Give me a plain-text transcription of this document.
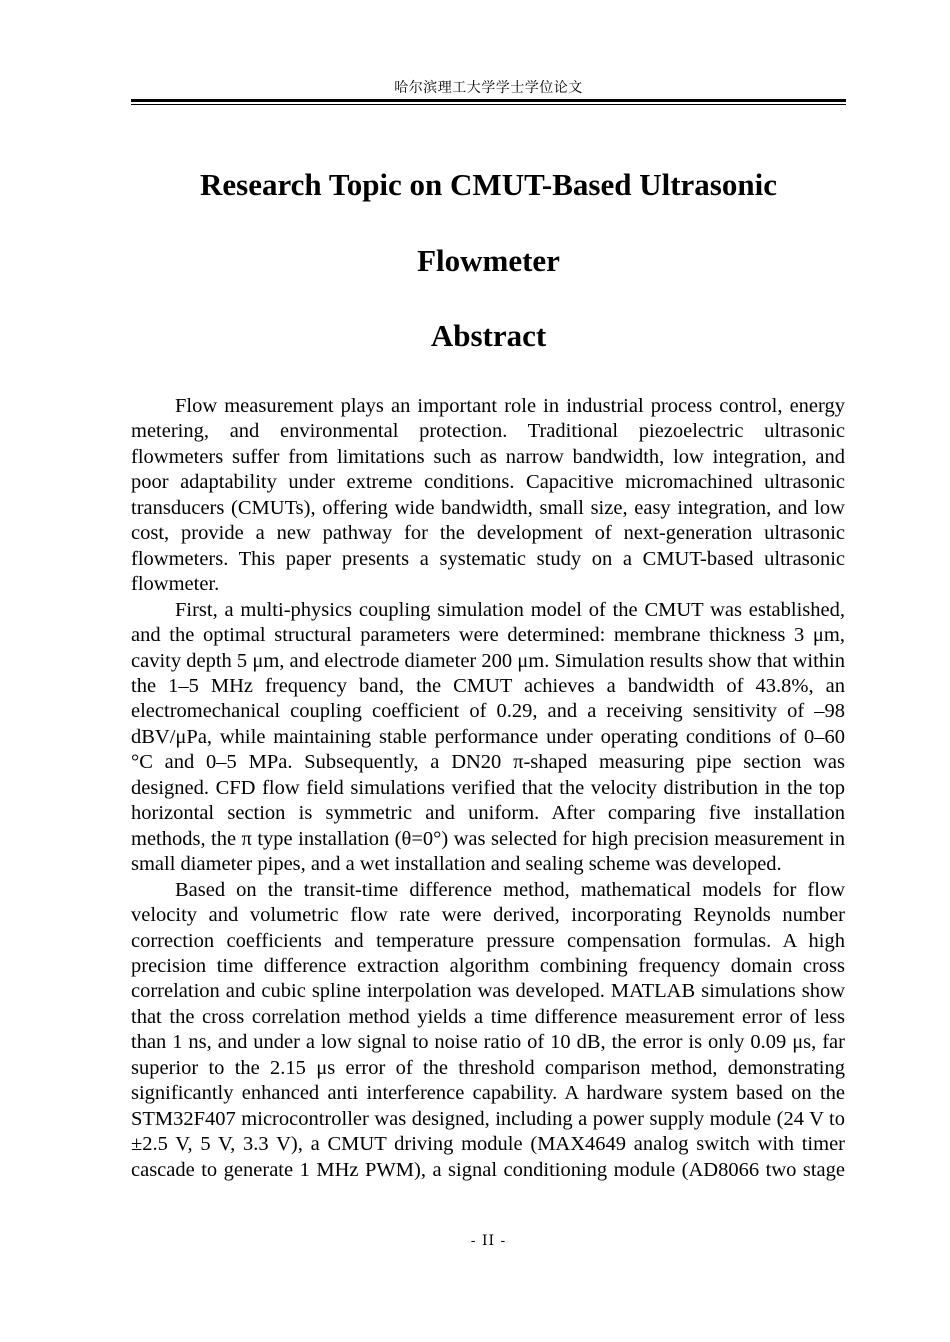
哈尔滨理工大学学士学位论文
Research Topic on CMUT-Based Ultrasonic Flowmeter
Abstract

Flow measurement plays an important role in industrial process control, energy metering, and environmental protection. Traditional piezoelectric ultrasonic flowmeters suffer from limitations such as narrow bandwidth, low integration, and poor adaptability under extreme conditions. Capacitive micromachined ultrasonic transducers (CMUTs), offering wide bandwidth, small size, easy integration, and low cost, provide a new pathway for the development of next-generation ultrasonic flowmeters. This paper presents a systematic study on a CMUT-based ultrasonic flowmeter.

First, a multi-physics coupling simulation model of the CMUT was established, and the optimal structural parameters were determined: membrane thickness 3 μm, cavity depth 5 μm, and electrode diameter 200 μm. Simulation results show that within the 1–5 MHz frequency band, the CMUT achieves a bandwidth of 43.8%, an electromechanical coupling coefficient of 0.29, and a receiving sensitivity of –98 dBV/μPa, while maintaining stable performance under operating conditions of 0–60 °C and 0–5 MPa. Subsequently, a DN20 π-shaped measuring pipe section was designed. CFD flow field simulations verified that the velocity distribution in the top horizontal section is symmetric and uniform. After comparing five installation methods, the π type installation (θ=0°) was selected for high precision measurement in small diameter pipes, and a wet installation and sealing scheme was developed.

Based on the transit-time difference method, mathematical models for flow velocity and volumetric flow rate were derived, incorporating Reynolds number correction coefficients and temperature pressure compensation formulas. A high precision time difference extraction algorithm combining frequency domain cross correlation and cubic spline interpolation was developed. MATLAB simulations show that the cross correlation method yields a time difference measurement error of less than 1 ns, and under a low signal to noise ratio of 10 dB, the error is only 0.09 μs, far superior to the 2.15 μs error of the threshold comparison method, demonstrating significantly enhanced anti interference capability. A hardware system based on the STM32F407 microcontroller was designed, including a power supply module (24 V to ±2.5 V, 5 V, 3.3 V), a CMUT driving module (MAX4649 analog switch with timer cascade to generate 1 MHz PWM), a signal conditioning module (AD8066 two stage

- II -
